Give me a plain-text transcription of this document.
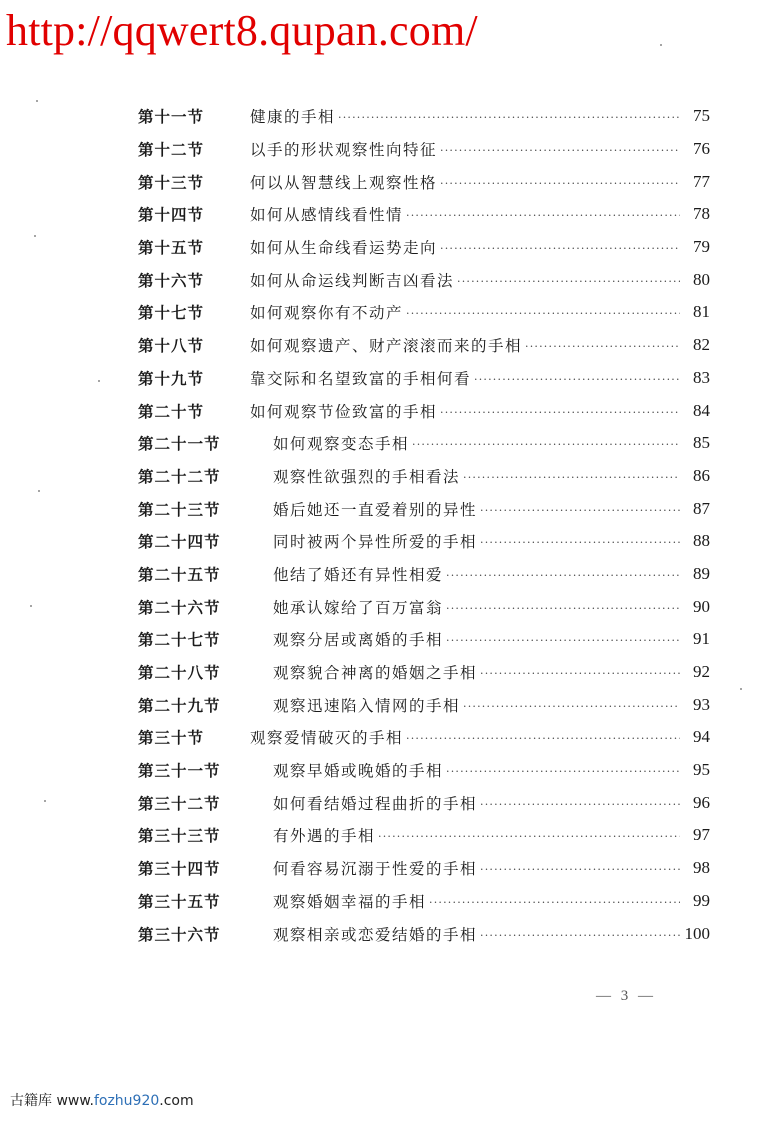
http://qqwert8.qupan.com/
第十一节	健康的手相 ·····	75
第十二节	以手的形状观察性向特征 ·····	76
第十三节	何以从智慧线上观察性格 ·····	77
第十四节	如何从感情线看性情 ·····	78
第十五节	如何从生命线看运势走向 ·····	79
第十六节	如何从命运线判断吉凶看法 ·····	80
第十七节	如何观察你有不动产 ·····	81
第十八节	如何观察遗产、财产滚滚而来的手相 ·····	82
第十九节	靠交际和名望致富的手相何看 ·····	83
第二十节	如何观察节俭致富的手相 ·····	84
第二十一节	如何观察变态手相 ·····	85
第二十二节	观察性欲强烈的手相看法 ·····	86
第二十三节	婚后她还一直爱着别的异性 ·····	87
第二十四节	同时被两个异性所爱的手相 ·····	88
第二十五节	他结了婚还有异性相爱 ·····	89
第二十六节	她承认嫁给了百万富翁 ·····	90
第二十七节	观察分居或离婚的手相 ·····	91
第二十八节	观察貌合神离的婚姻之手相 ·····	92
第二十九节	观察迅速陷入情网的手相 ·····	93
第三十节	观察爱情破灭的手相 ·····	94
第三十一节	观察早婚或晚婚的手相 ·····	95
第三十二节	如何看结婚过程曲折的手相 ·····	96
第三十三节	有外遇的手相 ·····	97
第三十四节	何看容易沉溺于性爱的手相 ·····	98
第三十五节	观察婚姻幸福的手相 ·····	99
第三十六节	观察相亲或恋爱结婚的手相 ·····	100
— 3 —
古籍库 www.fozhu920.com
